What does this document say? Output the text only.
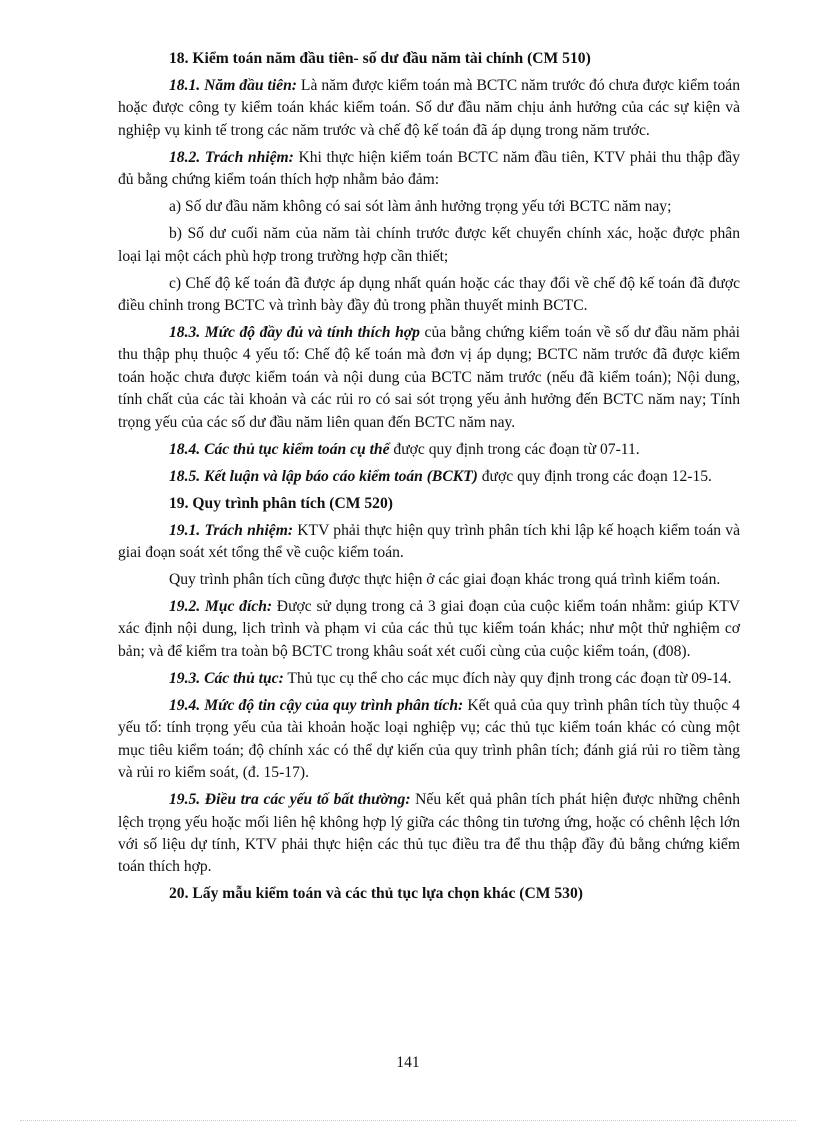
18. Kiểm toán năm đầu tiên- số dư đầu năm tài chính (CM 510)

18.1. Năm đầu tiên: Là năm được kiểm toán mà BCTC năm trước đó chưa được kiểm toán hoặc được công ty kiểm toán khác kiểm toán. Số dư đầu năm chịu ảnh hưởng của các sự kiện và nghiệp vụ kinh tế trong các năm trước và chế độ kế toán đã áp dụng trong năm trước.

18.2. Trách nhiệm: Khi thực hiện kiểm toán BCTC năm đầu tiên, KTV phải thu thập đầy đủ bằng chứng kiểm toán thích hợp nhằm bảo đảm:

a) Số dư đầu năm không có sai sót làm ảnh hưởng trọng yếu tới BCTC năm nay;

b) Số dư cuối năm của năm tài chính trước được kết chuyển chính xác, hoặc được phân loại lại một cách phù hợp trong trường hợp cần thiết;

c) Chế độ kế toán đã được áp dụng nhất quán hoặc các thay đổi về chế độ kế toán đã được điều chỉnh trong BCTC và trình bày đầy đủ trong phần thuyết minh BCTC.

18.3. Mức độ đầy đủ và tính thích hợp của bằng chứng kiểm toán về số dư đầu năm phải thu thập phụ thuộc 4 yếu tố: Chế độ kế toán mà đơn vị áp dụng; BCTC năm trước đã được kiểm toán hoặc chưa được kiểm toán và nội dung của BCTC năm trước (nếu đã kiểm toán); Nội dung, tính chất của các tài khoản và các rủi ro có sai sót trọng yếu ảnh hưởng đến BCTC năm nay; Tính trọng yếu của các số dư đầu năm liên quan đến BCTC năm nay.

18.4. Các thủ tục kiểm toán cụ thể được quy định trong các đoạn từ 07-11.

18.5. Kết luận và lập báo cáo kiểm toán (BCKT) được quy định trong các đoạn 12-15.

19. Quy trình phân tích (CM 520)

19.1. Trách nhiệm: KTV phải thực hiện quy trình phân tích khi lập kế hoạch kiểm toán và giai đoạn soát xét tổng thể về cuộc kiểm toán.

Quy trình phân tích cũng được thực hiện ở các giai đoạn khác trong quá trình kiểm toán.

19.2. Mục đích: Được sử dụng trong cả 3 giai đoạn của cuộc kiểm toán nhằm: giúp KTV xác định nội dung, lịch trình và phạm vi của các thủ tục kiểm toán khác; như một thử nghiệm cơ bản; và để kiểm tra toàn bộ BCTC trong khâu soát xét cuối cùng của cuộc kiểm toán, (đ08).

19.3. Các thủ tục: Thủ tục cụ thể cho các mục đích này quy định trong các đoạn từ 09-14.

19.4. Mức độ tin cậy của quy trình phân tích: Kết quả của quy trình phân tích tùy thuộc 4 yếu tố: tính trọng yếu của tài khoản hoặc loại nghiệp vụ; các thủ tục kiểm toán khác có cùng một mục tiêu kiểm toán; độ chính xác có thể dự kiến của quy trình phân tích; đánh giá rủi ro tiềm tàng và rủi ro kiểm soát, (đ. 15-17).

19.5. Điều tra các yếu tố bất thường: Nếu kết quả phân tích phát hiện được những chênh lệch trọng yếu hoặc mối liên hệ không hợp lý giữa các thông tin tương ứng, hoặc có chênh lệch lớn với số liệu dự tính, KTV phải thực hiện các thủ tục điều tra để thu thập đầy đủ bằng chứng kiểm toán thích hợp.

20. Lấy mẫu kiểm toán và các thủ tục lựa chọn khác (CM 530)

141
